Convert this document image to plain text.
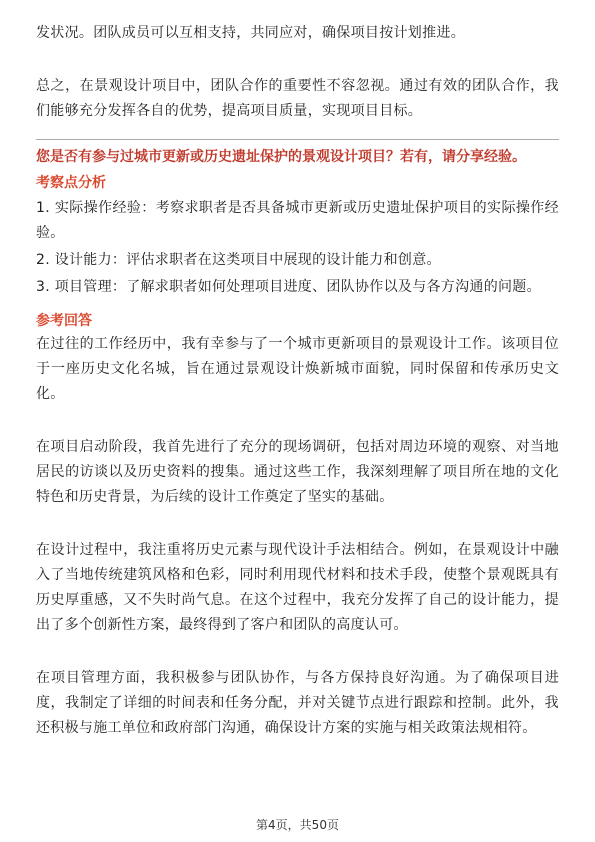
发状况。团队成员可以互相支持，共同应对，确保项目按计划推进。

总之，在景观设计项目中，团队合作的重要性不容忽视。通过有效的团队合作，我们能够充分发挥各自的优势，提高项目质量，实现项目目标。

您是否有参与过城市更新或历史遗址保护的景观设计项目？若有，请分享经验。
考察点分析

1. 实际操作经验：考察求职者是否具备城市更新或历史遗址保护项目的实际操作经验。

2. 设计能力：评估求职者在这类项目中展现的设计能力和创意。

3. 项目管理：了解求职者如何处理项目进度、团队协作以及与各方沟通的问题。

参考回答

在过往的工作经历中，我有幸参与了一个城市更新项目的景观设计工作。该项目位于一座历史文化名城，旨在通过景观设计焕新城市面貌，同时保留和传承历史文化。

在项目启动阶段，我首先进行了充分的现场调研，包括对周边环境的观察、对当地居民的访谈以及历史资料的搜集。通过这些工作，我深刻理解了项目所在地的文化特色和历史背景，为后续的设计工作奠定了坚实的基础。

在设计过程中，我注重将历史元素与现代设计手法相结合。例如，在景观设计中融入了当地传统建筑风格和色彩，同时利用现代材料和技术手段，使整个景观既具有历史厚重感，又不失时尚气息。在这个过程中，我充分发挥了自己的设计能力，提出了多个创新性方案，最终得到了客户和团队的高度认可。

在项目管理方面，我积极参与团队协作，与各方保持良好沟通。为了确保项目进度，我制定了详细的时间表和任务分配，并对关键节点进行跟踪和控制。此外，我还积极与施工单位和政府部门沟通，确保设计方案的实施与相关政策法规相符。

第4页，共50页
